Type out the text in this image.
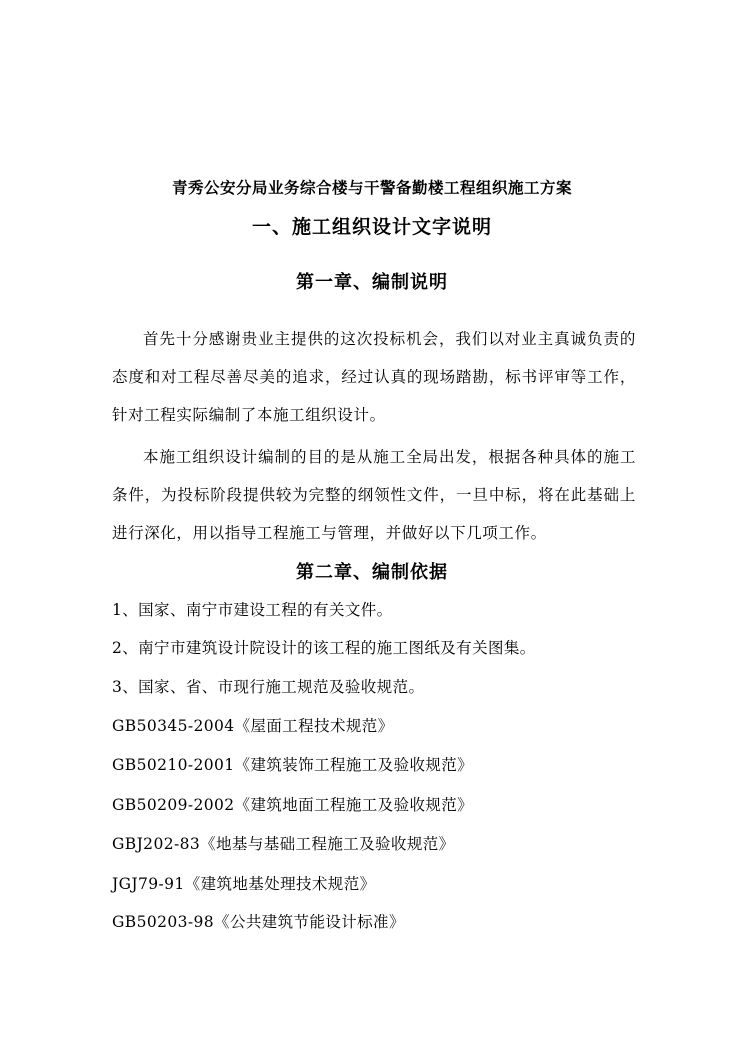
青秀公安分局业务综合楼与干警备勤楼工程组织施工方案
一、施工组织设计文字说明
第一章、编制说明
首先十分感谢贵业主提供的这次投标机会，我们以对业主真诚负责的态度和对工程尽善尽美的追求，经过认真的现场踏勘，标书评审等工作，针对工程实际编制了本施工组织设计。
本施工组织设计编制的目的是从施工全局出发，根据各种具体的施工条件，为投标阶段提供较为完整的纲领性文件，一旦中标，将在此基础上进行深化，用以指导工程施工与管理，并做好以下几项工作。
第二章、编制依据
1、国家、南宁市建设工程的有关文件。
2、南宁市建筑设计院设计的该工程的施工图纸及有关图集。
3、国家、省、市现行施工规范及验收规范。
GB50345-2004《屋面工程技术规范》
GB50210-2001《建筑装饰工程施工及验收规范》
GB50209-2002《建筑地面工程施工及验收规范》
GBJ202-83《地基与基础工程施工及验收规范》
JGJ79-91《建筑地基处理技术规范》
GB50203-98《公共建筑节能设计标准》
